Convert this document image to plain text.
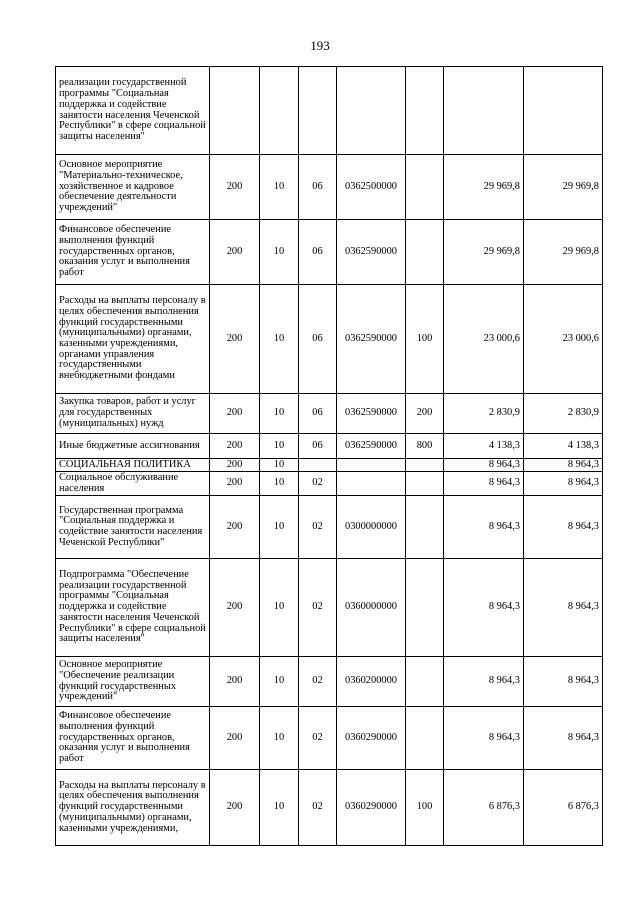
193
реализации государственной программы "Социальная поддержка и содействие занятости населения Чеченской Республики" в сфере социальной защиты населения"							
Основное мероприятие "Материально-техническое, хозяйственное и кадровое обеспечение деятельности учреждений"	200	10	06	0362500000		29 969,8	29 969,8
Финансовое обеспечение выполнения функций государственных органов, оказания услуг и выполнения работ	200	10	06	0362590000		29 969,8	29 969,8
Расходы на выплаты персоналу в целях обеспечения выполнения функций государственными (муниципальными) органами, казенными учреждениями, органами управления государственными внебюджетными фондами	200	10	06	0362590000	100	23 000,6	23 000,6
Закупка товаров, работ и услуг для государственных (муниципальных) нужд	200	10	06	0362590000	200	2 830,9	2 830,9
Иные бюджетные ассигнования	200	10	06	0362590000	800	4 138,3	4 138,3
СОЦИАЛЬНАЯ ПОЛИТИКА	200	10				8 964,3	8 964,3
Социальное обслуживание населения	200	10	02			8 964,3	8 964,3
Государственная программа "Социальная поддержка и содействие занятости населения Чеченской Республики"	200	10	02	0300000000		8 964,3	8 964,3
Подпрограмма "Обеспечение реализации государственной программы "Социальная поддержка и содействие занятости населения Чеченской Республики" в сфере социальной защиты населения"	200	10	02	0360000000		8 964,3	8 964,3
Основное мероприятие "Обеспечение реализации функций государственных учреждений"	200	10	02	0360200000		8 964,3	8 964,3
Финансовое обеспечение выполнения функций государственных органов, оказания услуг и выполнения работ	200	10	02	0360290000		8 964,3	8 964,3
Расходы на выплаты персоналу в целях обеспечения выполнения функций государственными (муниципальными) органами, казенными учреждениями,	200	10	02	0360290000	100	6 876,3	6 876,3
